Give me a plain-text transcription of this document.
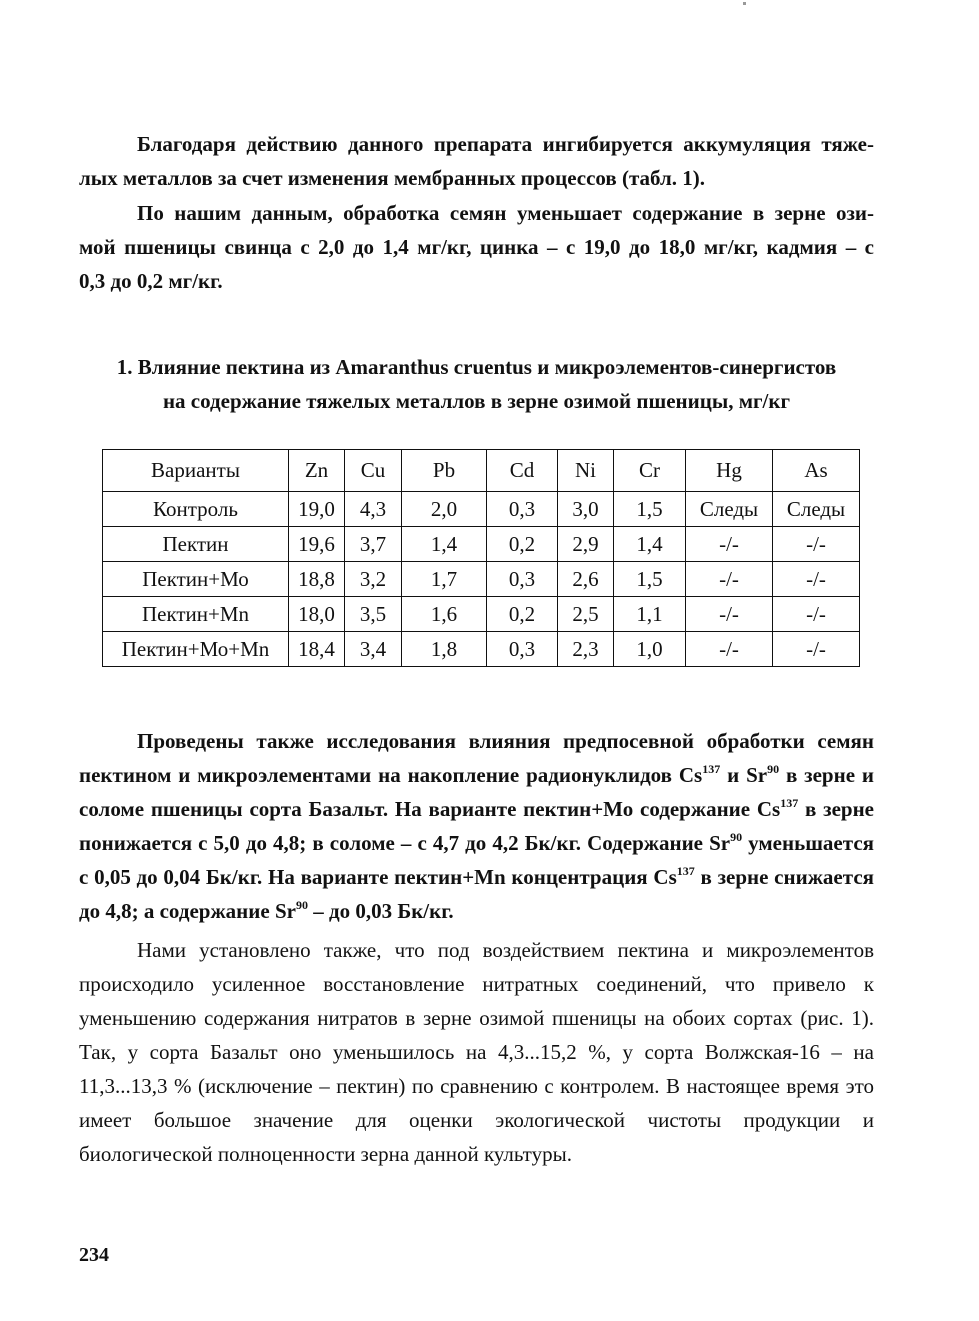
Благодаря действию данного препарата ингибируется аккумуляция тяже-
лых металлов за счет изменения мембранных процессов (табл. 1).
По нашим данным, обработка семян уменьшает содержание в зерне ози-
мой пшеницы свинца с 2,0 до 1,4 мг/кг, цинка – с 19,0 до 18,0 мг/кг, кадмия – с
0,3 до 0,2 мг/кг.
1. Влияние пектина из Amaranthus cruentus и микроэлементов-синергистов
на содержание тяжелых металлов в зерне озимой пшеницы, мг/кг
Варианты	Zn	Cu	Pb	Cd	Ni	Cr	Hg	As
Контроль	19,0	4,3	2,0	0,3	3,0	1,5	Следы	Следы
Пектин	19,6	3,7	1,4	0,2	2,9	1,4	-/-	-/-
Пектин+Мо	18,8	3,2	1,7	0,3	2,6	1,5	-/-	-/-
Пектин+Mn	18,0	3,5	1,6	0,2	2,5	1,1	-/-	-/-
Пектин+Мо+Mn	18,4	3,4	1,8	0,3	2,3	1,0	-/-	-/-

Проведены также исследования влияния предпосевной обработки семян пектином и микроэлементами на накопление радионуклидов Cs$^{137}$ и Sr$^{90}$ в зерне и соломе пшеницы сорта Базальт. На варианте пектин+Мо содержание Cs$^{137}$ в зерне понижается с 5,0 до 4,8; в соломе – с 4,7 до 4,2 Бк/кг. Содержание Sr$^{90}$ уменьшается с 0,05 до 0,04 Бк/кг. На варианте пектин+Mn концентрация Cs$^{137}$ в зерне снижается до 4,8; а содержание Sr$^{90}$ – до 0,03 Бк/кг.

Нами установлено также, что под воздействием пектина и микроэлементов происходило усиленное восстановление нитратных соединений, что привело к уменьшению содержания нитратов в зерне озимой пшеницы на обоих сортах (рис. 1). Так, у сорта Базальт оно уменьшилось на 4,3...15,2 %, у сорта Волжская-16 – на 11,3...13,3 % (исключение – пектин) по сравнению с контролем. В настоящее время это имеет большое значение для оценки экологической чистоты продукции и биологической полноценности зерна данной культуры.

234
